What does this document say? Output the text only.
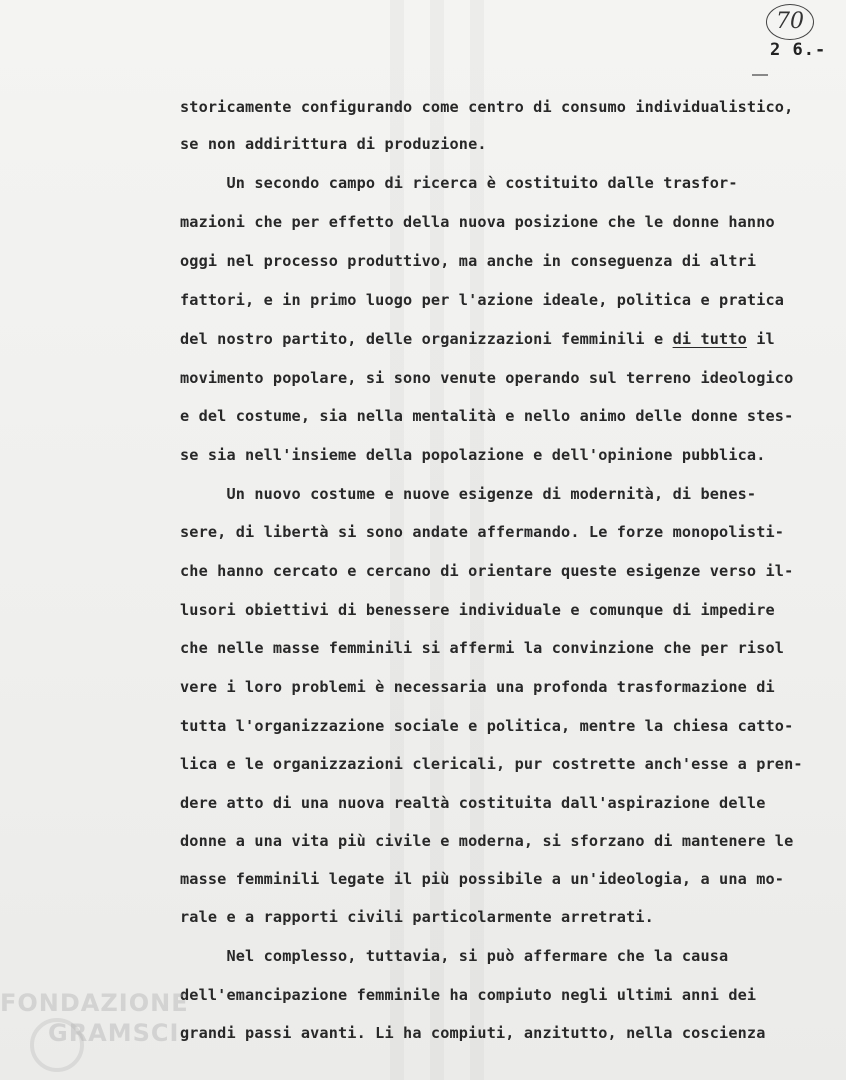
70
2 6.-
storicamente configurando come centro di consumo individualistico,
se non addirittura di produzione.
Un secondo campo di ricerca è costituito dalle trasfor-
mazioni che per effetto della nuova posizione che le donne hanno
oggi nel processo produttivo, ma anche in conseguenza di altri
fattori, e in primo luogo per l'azione ideale, politica e pratica
del nostro partito, delle organizzazioni femminili e di tutto il
movimento popolare, si sono venute operando sul terreno ideologico
e del costume, sia nella mentalità e nello animo delle donne stes-
se sia nell'insieme della popolazione e dell'opinione pubblica.
Un nuovo costume e nuove esigenze di modernità, di benes-
sere, di libertà si sono andate affermando. Le forze monopolisti-
che hanno cercato e cercano di orientare queste esigenze verso il-
lusori obiettivi di benessere individuale e comunque di impedire
che nelle masse femminili si affermi la convinzione che per risol
vere i loro problemi è necessaria una profonda trasformazione di
tutta l'organizzazione sociale e politica, mentre la chiesa catto-
lica e le organizzazioni clericali, pur costrette anch'esse a pren-
dere atto di una nuova realtà costituita dall'aspirazione delle
donne a una vita più civile e moderna, si sforzano di mantenere le
masse femminili legate il più possibile a un'ideologia, a una mo-
rale e a rapporti civili particolarmente arretrati.
Nel complesso, tuttavia, si può affermare che la causa
dell'emancipazione femminile ha compiuto negli ultimi anni dei
grandi passi avanti. Li ha compiuti, anzitutto, nella coscienza
FONDAZIONE
GRAMSCI
